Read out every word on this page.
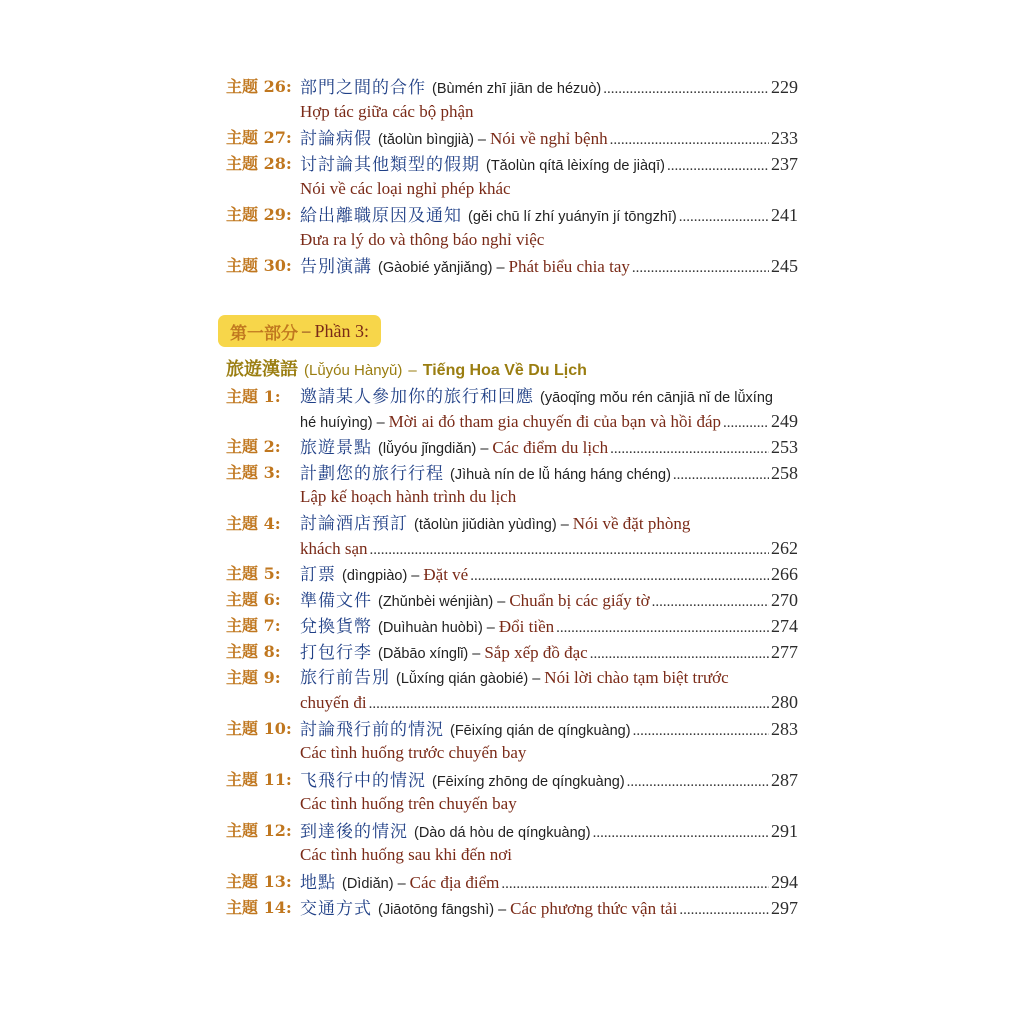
主题 26: 部門之間的合作 (Bùmén zhī jiān de hézuò) .....	229
Hợp tác giữa các bộ phận
主题 27: 討論病假 (tǎolùn bìngjià) – Nói về nghỉ bệnh .....	233
主题 28: 讨討論其他類型的假期 (Tǎolùn qítā lèixíng de jiàqī) .....	237
Nói về các loại nghỉ phép khác
主题 29: 給出離職原因及通知 (gěi chū lí zhí yuányīn jí tōngzhī) .....	241
Đưa ra lý do và thông báo nghỉ việc
主题 30: 告別演講 (Gàobié yǎnjiǎng) – Phát biểu chia tay .....	245
第一部分 – Phần 3:
旅遊漢語 (Lǚyóu Hànyǔ) – Tiếng Hoa Về Du Lịch
主題 1: 邀請某人參加你的旅行和回應 (yāoqǐng mǒu rén cānjiā nǐ de lǚxíng
hé huíyìng) – Mời ai đó tham gia chuyến đi của bạn và hồi đáp .....	249
主題 2: 旅遊景點 (lǚyóu jǐngdiǎn) – Các điểm du lịch .....	253
主題 3: 計劃您的旅行行程 (Jìhuà nín de lǚ háng háng chéng) .....	258
Lập kế hoạch hành trình du lịch
主題 4: 討論酒店預訂 (tǎolùn jiǔdiàn yùdìng) – Nói về đặt phòng
khách sạn .....	262
主題 5: 訂票 (dìngpiào) – Đặt vé .....	266
主題 6: 準備文件 (Zhǔnbèi wénjiàn) – Chuẩn bị các giấy tờ .....	270
主題 7: 兌換貨幣 (Duìhuàn huòbì) – Đổi tiền .....	274
主題 8: 打包行李 (Dǎbāo xínglǐ) – Sắp xếp đồ đạc .....	277
主題 9: 旅行前告別 (Lǚxíng qián gàobié) – Nói lời chào tạm biệt trước
chuyến đi .....	280
主題 10: 討論飛行前的情況 (Fēixíng qián de qíngkuàng) .....	283
Các tình huống trước chuyến bay
主題 11: 飞飛行中的情況 (Fēixíng zhōng de qíngkuàng) .....	287
Các tình huống trên chuyến bay
主題 12: 到達後的情況 (Dào dá hòu de qíngkuàng) .....	291
Các tình huống sau khi đến nơi
主題 13: 地點 (Dìdiǎn) – Các địa điểm .....	294
主題 14: 交通方式 (Jiāotōng fāngshì) – Các phương thức vận tải .....	297
